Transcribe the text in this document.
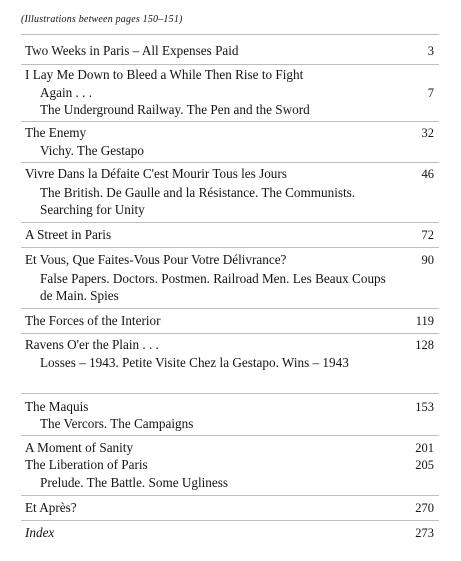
(Illustrations between pages 150–151)
Two Weeks in Paris – All Expenses Paid	3
I Lay Me Down to Bleed a While Then Rise to Fight
Again . . .	7
The Underground Railway. The Pen and the Sword
The Enemy	32
Vichy. The Gestapo
Vivre Dans la Défaite C'est Mourir Tous les Jours	46
The British. De Gaulle and la Résistance. The Communists. Searching for Unity
A Street in Paris	72
Et Vous, Que Faites-Vous Pour Votre Délivrance?	90
False Papers. Doctors. Postmen. Railroad Men. Les Beaux Coups de Main. Spies
The Forces of the Interior	119
Ravens O'er the Plain . . .	128
Losses – 1943. Petite Visite Chez la Gestapo. Wins – 1943
The Maquis	153
The Vercors. The Campaigns
A Moment of Sanity	201
The Liberation of Paris	205
Prelude. The Battle. Some Ugliness
Et Après?	270
Index	273
